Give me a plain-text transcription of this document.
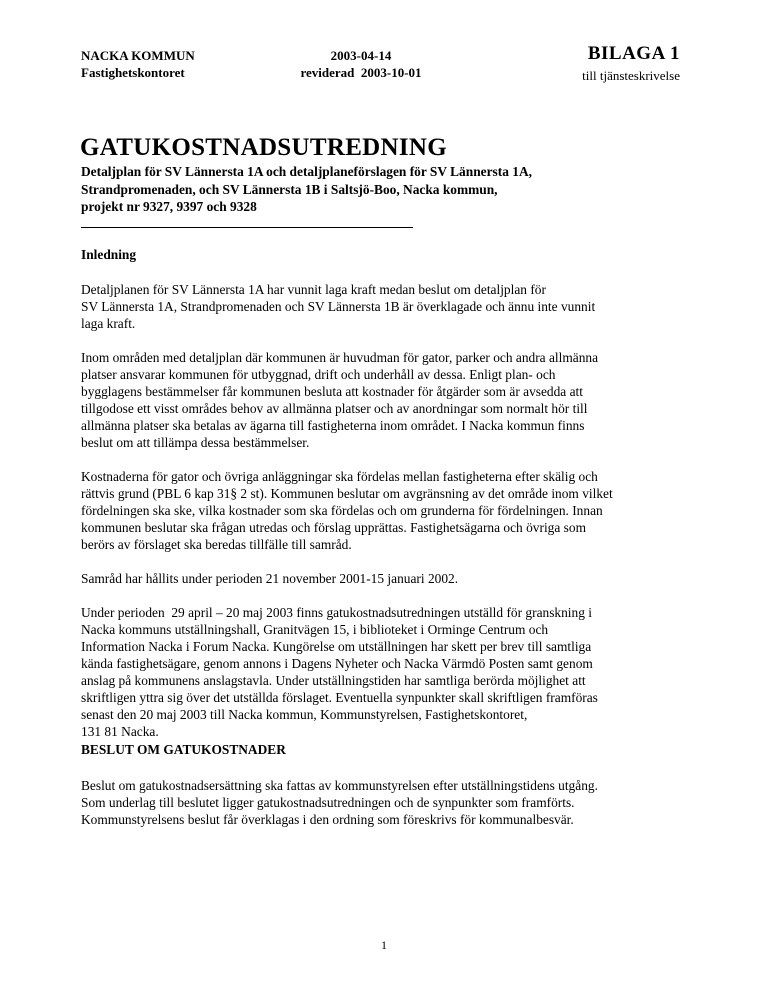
NACKA KOMMUN
Fastighetskontoret
2003-04-14
reviderad  2003-10-01
BILAGA 1
till tjänsteskrivelse
GATUKOSTNADSUTREDNING
Detaljplan för SV Lännersta 1A och detaljplaneförslagen för SV Lännersta 1A,
Strandpromenaden, och SV Lännersta 1B i Saltsjö-Boo, Nacka kommun,
projekt nr 9327, 9397 och 9328
Inledning
Detaljplanen för SV Lännersta 1A har vunnit laga kraft medan beslut om detaljplan för
SV Lännersta 1A, Strandpromenaden och SV Lännersta 1B är överklagade och ännu inte vunnit
laga kraft.
Inom områden med detaljplan där kommunen är huvudman för gator, parker och andra allmänna
platser ansvarar kommunen för utbyggnad, drift och underhåll av dessa. Enligt plan- och
bygglagens bestämmelser får kommunen besluta att kostnader för åtgärder som är avsedda att
tillgodose ett visst områdes behov av allmänna platser och av anordningar som normalt hör till
allmänna platser ska betalas av ägarna till fastigheterna inom området. I Nacka kommun finns
beslut om att tillämpa dessa bestämmelser.
Kostnaderna för gator och övriga anläggningar ska fördelas mellan fastigheterna efter skälig och
rättvis grund (PBL 6 kap 31§ 2 st). Kommunen beslutar om avgränsning av det område inom vilket
fördelningen ska ske, vilka kostnader som ska fördelas och om grunderna för fördelningen. Innan
kommunen beslutar ska frågan utredas och förslag upprättas. Fastighetsägarna och övriga som
berörs av förslaget ska beredas tillfälle till samråd.
Samråd har hållits under perioden 21 november 2001-15 januari 2002.
Under perioden  29 april – 20 maj 2003 finns gatukostnadsutredningen utställd för granskning i
Nacka kommuns utställningshall, Granitvägen 15, i biblioteket i Orminge Centrum och
Information Nacka i Forum Nacka. Kungörelse om utställningen har skett per brev till samtliga
kända fastighetsägare, genom annons i Dagens Nyheter och Nacka Värmdö Posten samt genom
anslag på kommunens anslagstavla. Under utställningstiden har samtliga berörda möjlighet att
skriftligen yttra sig över det utställda förslaget. Eventuella synpunkter skall skriftligen framföras
senast den 20 maj 2003 till Nacka kommun, Kommunstyrelsen, Fastighetskontoret,
131 81 Nacka.
BESLUT OM GATUKOSTNADER
Beslut om gatukostnadsersättning ska fattas av kommunstyrelsen efter utställningstidens utgång.
Som underlag till beslutet ligger gatukostnadsutredningen och de synpunkter som framförts.
Kommunstyrelsens beslut får överklagas i den ordning som föreskrivs för kommunalbesvär.
1
